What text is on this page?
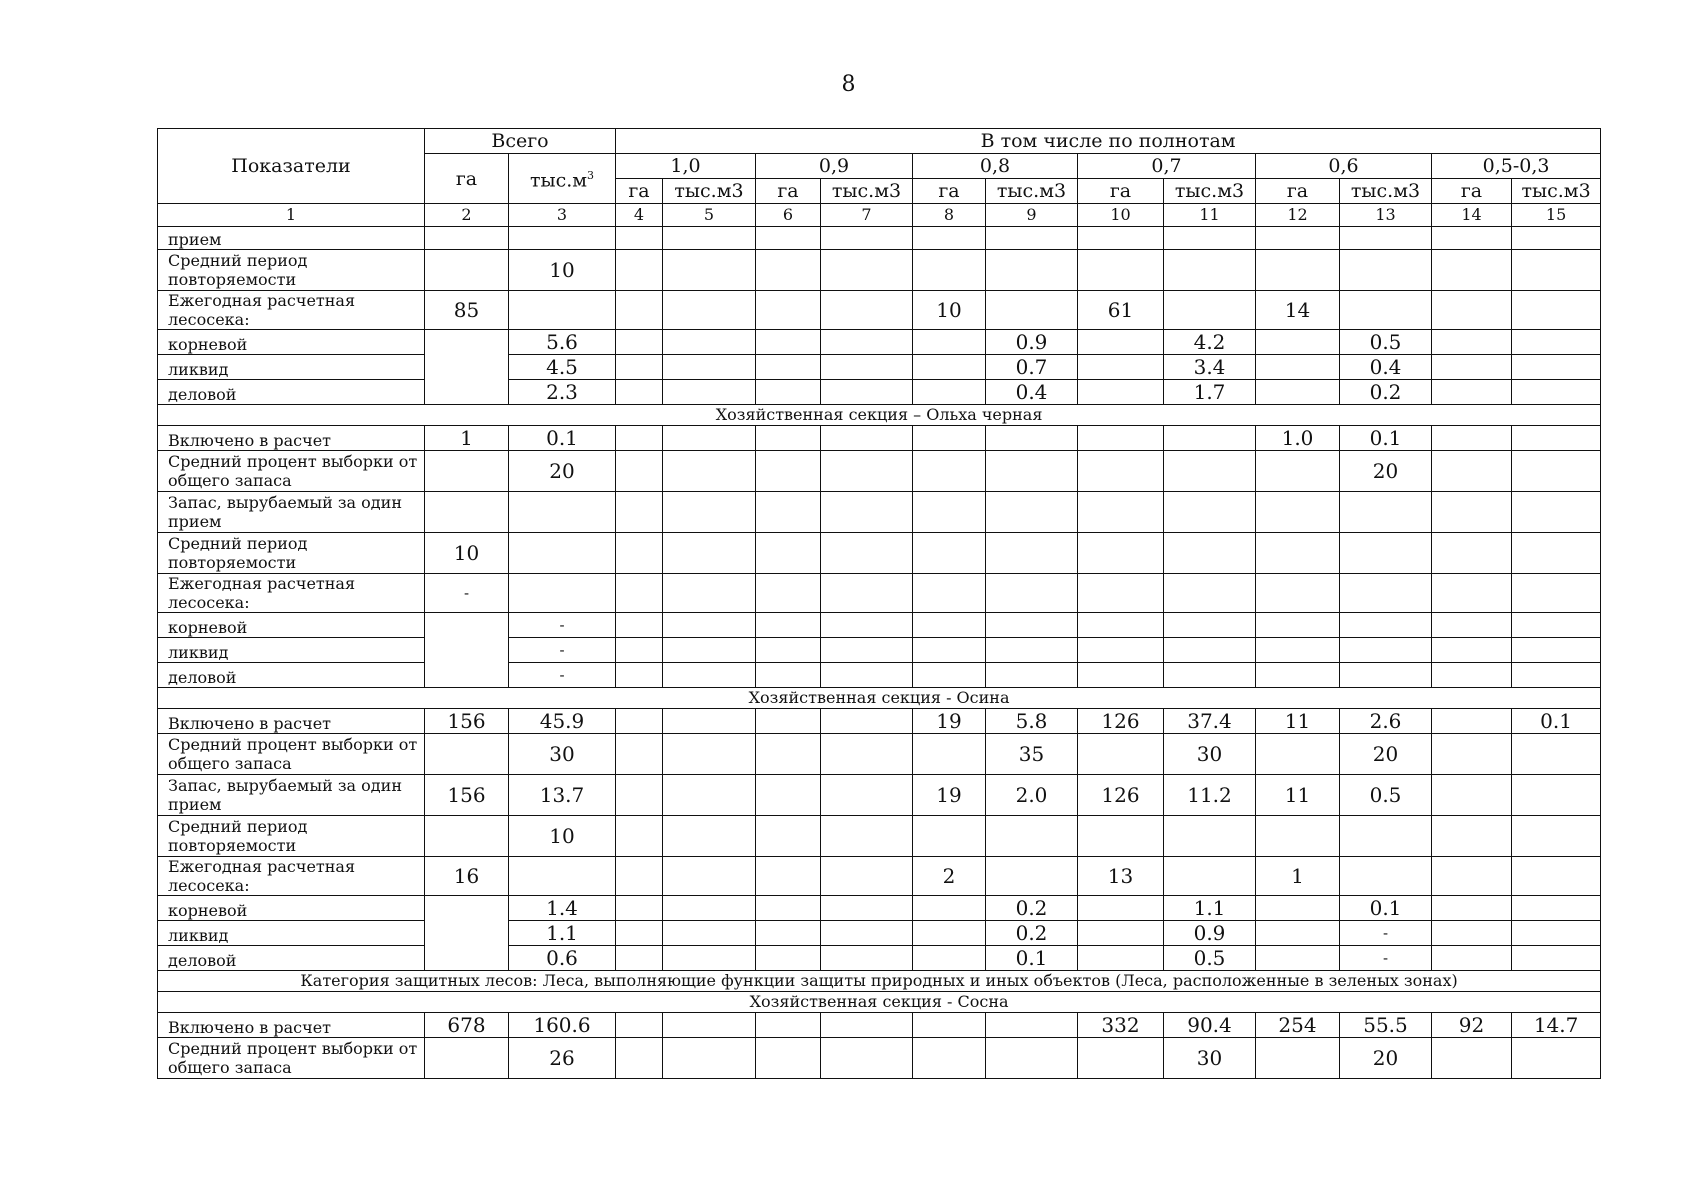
8
Показатели	Всего		В том числе по полнотам											
	га	$тыс.м^3$	1,0		0,9		0,8		0,7		0,6		0,5-0,3	
			га	тыс.м3	га	тыс.м3	га	тыс.м3	га	тыс.м3	га	тыс.м3	га	тыс.м3
1	2	3	4	5	6	7	8	9	10	11	12	13	14	15
прием														
Средний период повторяемости		10												
Ежегодная расчетная лесосека:	85						10		61		14			
корневой		5.6						0.9		4.2		0.5		
ликвид		4.5						0.7		3.4		0.4		
деловой		2.3						0.4		1.7		0.2		
Хозяйственная секция – Ольха черная														
Включено в расчет	1	0.1									1.0	0.1		
Средний процент выборки от общего запаса		20										20		
Запас, вырубаемый за один прием														
Средний период повторяемости	10													
Ежегодная расчетная лесосека:	-													
корневой		-												
ликвид		-												
деловой		-												
Хозяйственная секция - Осина														
Включено в расчет	156	45.9					19	5.8	126	37.4	11	2.6		0.1
Средний процент выборки от общего запаса		30						35		30		20		
Запас, вырубаемый за один прием	156	13.7					19	2.0	126	11.2	11	0.5		
Средний период повторяемости		10												
Ежегодная расчетная лесосека:	16						2		13		1			
корневой		1.4						0.2		1.1		0.1		
ликвид		1.1						0.2		0.9		-		
деловой		0.6						0.1		0.5		-		
Категория защитных лесов: Леса, выполняющие функции защиты природных и иных объектов (Леса, расположенные в зеленых зонах)														
Хозяйственная секция - Сосна														
Включено в расчет	678	160.6							332	90.4	254	55.5	92	14.7
Средний процент выборки от общего запаса		26								30		20		
